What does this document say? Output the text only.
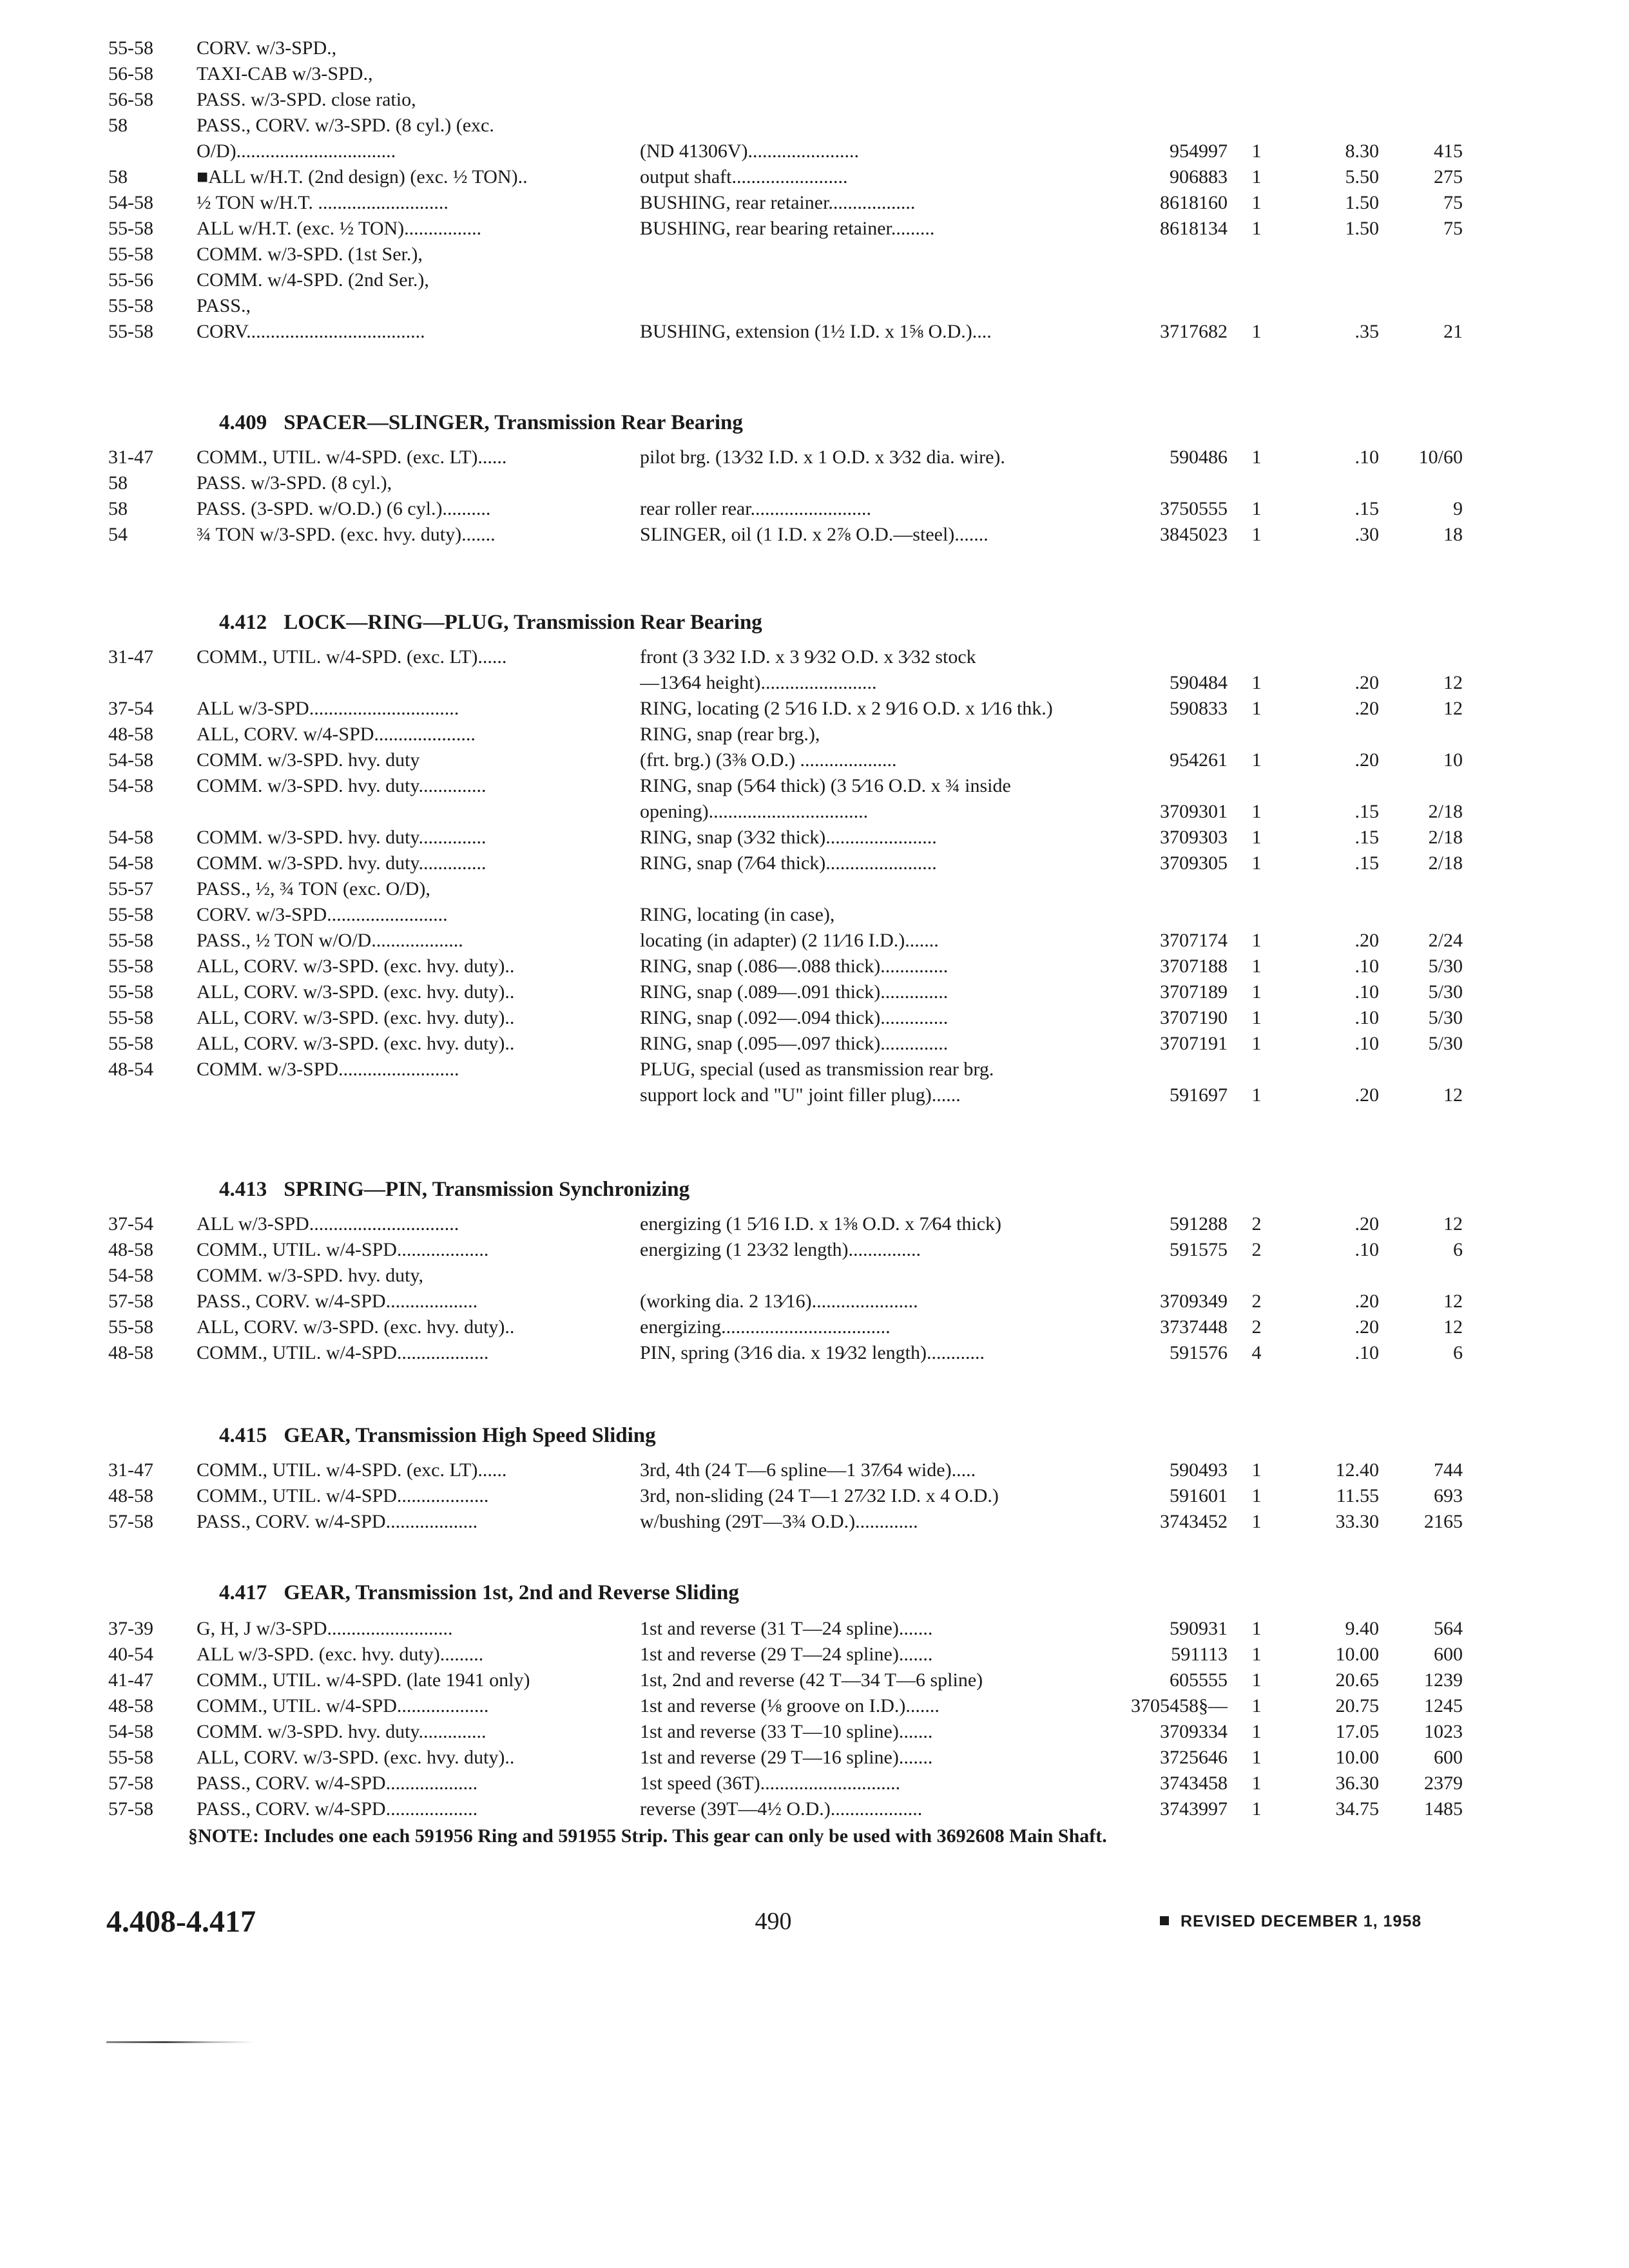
55-58	CORV. w/3-SPD.,
56-58	TAXI-CAB w/3-SPD.,
56-58	PASS. w/3-SPD. close ratio,
58	PASS., CORV. w/3-SPD. (8 cyl.) (exc.
O/D).................................	(ND 41306V).......................	954997	1	8.30	415
58	■ALL w/H.T. (2nd design) (exc. ½ TON)..	output shaft........................	906883	1	5.50	275
54-58	½ TON w/H.T. ...........................	BUSHING, rear retainer..................	8618160	1	1.50	75
55-58	ALL w/H.T. (exc. ½ TON)................	BUSHING, rear bearing retainer.........	8618134	1	1.50	75
55-58	COMM. w/3-SPD. (1st Ser.),
55-56	COMM. w/4-SPD. (2nd Ser.),
55-58	PASS.,
55-58	CORV.....................................	BUSHING, extension (1½ I.D. x 1⅝ O.D.)....	3717682	1	.35	21
4.409 SPACER—SLINGER, Transmission Rear Bearing
31-47	COMM., UTIL. w/4-SPD. (exc. LT)......	pilot brg. (13⁄32 I.D. x 1 O.D. x 3⁄32 dia. wire).	590486	1	.10	10/60
58	PASS. w/3-SPD. (8 cyl.),
58	PASS. (3-SPD. w/O.D.) (6 cyl.)..........	rear roller rear.........................	3750555	1	.15	9
54	¾ TON w/3-SPD. (exc. hvy. duty).......	SLINGER, oil (1 I.D. x 2⅞ O.D.—steel).......	3845023	1	.30	18
4.412 LOCK—RING—PLUG, Transmission Rear Bearing
31-47	COMM., UTIL. w/4-SPD. (exc. LT)......	front (3 3⁄32 I.D. x 3 9⁄32 O.D. x 3⁄32 stock
—13⁄64 height)........................	590484	1	.20	12
37-54	ALL w/3-SPD...............................	RING, locating (2 5⁄16 I.D. x 2 9⁄16 O.D. x 1⁄16 thk.)	590833	1	.20	12
48-58	ALL, CORV. w/4-SPD.....................	RING, snap (rear brg.),
54-58	COMM. w/3-SPD. hvy. duty	(frt. brg.) (3⅜ O.D.) ....................	954261	1	.20	10
54-58	COMM. w/3-SPD. hvy. duty..............	RING, snap (5⁄64 thick) (3 5⁄16 O.D. x ¾ inside
opening).................................	3709301	1	.15	2/18
54-58	COMM. w/3-SPD. hvy. duty..............	RING, snap (3⁄32 thick).......................	3709303	1	.15	2/18
54-58	COMM. w/3-SPD. hvy. duty..............	RING, snap (7⁄64 thick).......................	3709305	1	.15	2/18
55-57	PASS., ½, ¾ TON (exc. O/D),
55-58	CORV. w/3-SPD.........................	RING, locating (in case),
55-58	PASS., ½ TON w/O/D...................	locating (in adapter) (2 11⁄16 I.D.).......	3707174	1	.20	2/24
55-58	ALL, CORV. w/3-SPD. (exc. hvy. duty)..	RING, snap (.086—.088 thick)..............	3707188	1	.10	5/30
55-58	ALL, CORV. w/3-SPD. (exc. hvy. duty)..	RING, snap (.089—.091 thick)..............	3707189	1	.10	5/30
55-58	ALL, CORV. w/3-SPD. (exc. hvy. duty)..	RING, snap (.092—.094 thick)..............	3707190	1	.10	5/30
55-58	ALL, CORV. w/3-SPD. (exc. hvy. duty)..	RING, snap (.095—.097 thick)..............	3707191	1	.10	5/30
48-54	COMM. w/3-SPD.........................	PLUG, special (used as transmission rear brg.
support lock and "U" joint filler plug)......	591697	1	.20	12
4.413 SPRING—PIN, Transmission Synchronizing
37-54	ALL w/3-SPD...............................	energizing (1 5⁄16 I.D. x 1⅜ O.D. x 7⁄64 thick)	591288	2	.20	12
48-58	COMM., UTIL. w/4-SPD...................	energizing (1 23⁄32 length)...............	591575	2	.10	6
54-58	COMM. w/3-SPD. hvy. duty,
57-58	PASS., CORV. w/4-SPD...................	(working dia. 2 13⁄16)......................	3709349	2	.20	12
55-58	ALL, CORV. w/3-SPD. (exc. hvy. duty)..	energizing...................................	3737448	2	.20	12
48-58	COMM., UTIL. w/4-SPD...................	PIN, spring (3⁄16 dia. x 19⁄32 length)............	591576	4	.10	6
4.415 GEAR, Transmission High Speed Sliding
31-47	COMM., UTIL. w/4-SPD. (exc. LT)......	3rd, 4th (24 T—6 spline—1 37⁄64 wide).....	590493	1	12.40	744
48-58	COMM., UTIL. w/4-SPD...................	3rd, non-sliding (24 T—1 27⁄32 I.D. x 4 O.D.)	591601	1	11.55	693
57-58	PASS., CORV. w/4-SPD...................	w/bushing (29T—3¾ O.D.).............	3743452	1	33.30	2165
4.417 GEAR, Transmission 1st, 2nd and Reverse Sliding
37-39	G, H, J w/3-SPD..........................	1st and reverse (31 T—24 spline).......	590931	1	9.40	564
40-54	ALL w/3-SPD. (exc. hvy. duty).........	1st and reverse (29 T—24 spline).......	591113	1	10.00	600
41-47	COMM., UTIL. w/4-SPD. (late 1941 only)	1st, 2nd and reverse (42 T—34 T—6 spline)	605555	1	20.65	1239
48-58	COMM., UTIL. w/4-SPD...................	1st and reverse (⅛ groove on I.D.).......	3705458§—	1	20.75	1245
54-58	COMM. w/3-SPD. hvy. duty..............	1st and reverse (33 T—10 spline).......	3709334	1	17.05	1023
55-58	ALL, CORV. w/3-SPD. (exc. hvy. duty)..	1st and reverse (29 T—16 spline).......	3725646	1	10.00	600
57-58	PASS., CORV. w/4-SPD...................	1st speed (36T).............................	3743458	1	36.30	2379
57-58	PASS., CORV. w/4-SPD...................	reverse (39T—4½ O.D.)...................	3743997	1	34.75	1485
§NOTE: Includes one each 591956 Ring and 591955 Strip. This gear can only be used with 3692608 Main Shaft.
4.408-4.417	490	REVISED DECEMBER 1, 1958
